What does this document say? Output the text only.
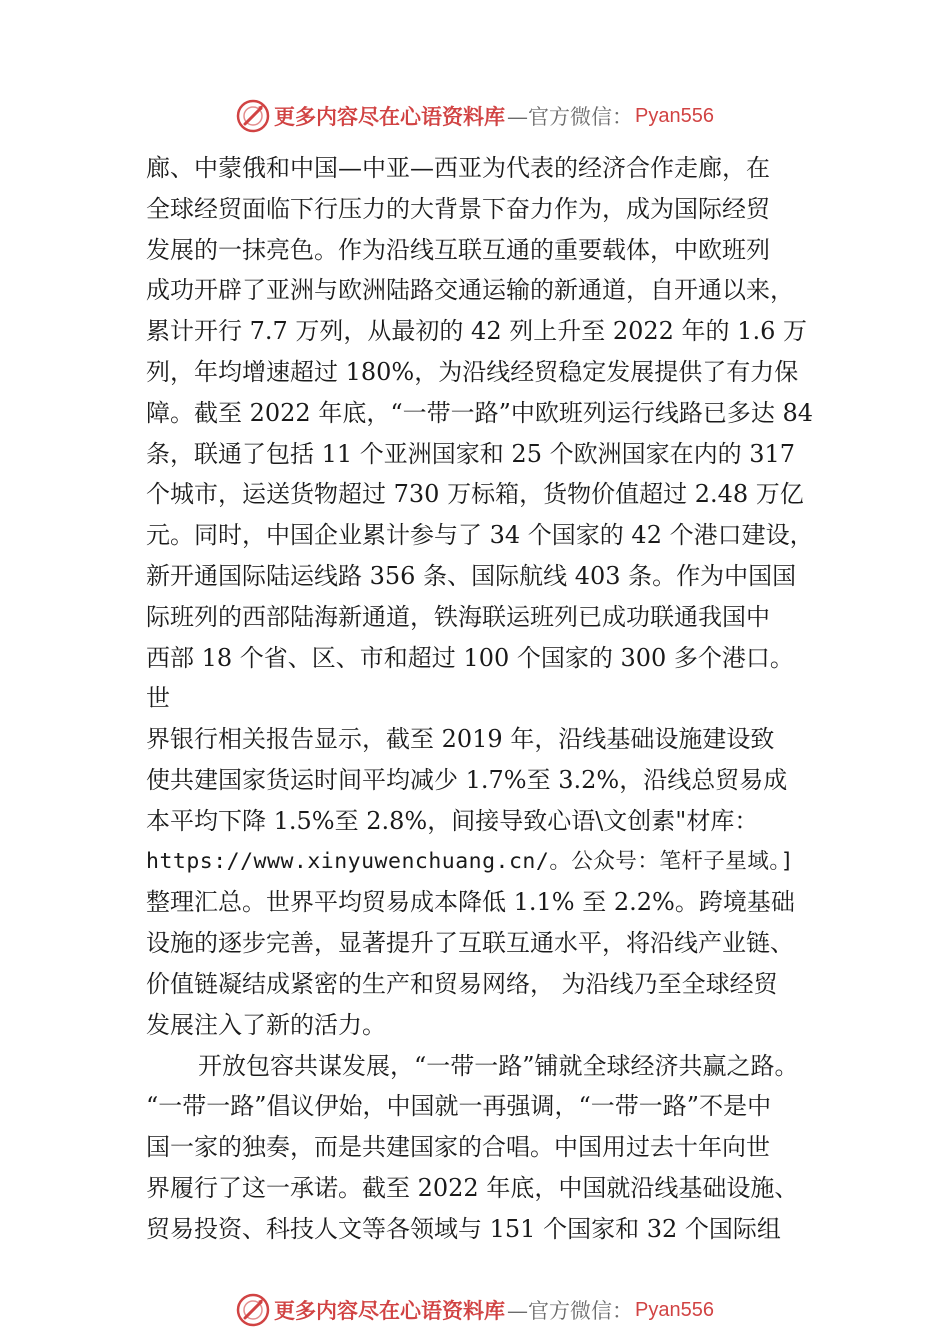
更多内容尽在心语资料库 —官方微信： Pyan556
廊、中蒙俄和中国—中亚—西亚为代表的经济合作走廊，在
全球经贸面临下行压力的大背景下奋力作为，成为国际经贸
发展的一抹亮色。作为沿线互联互通的重要载体，中欧班列
成功开辟了亚洲与欧洲陆路交通运输的新通道，自开通以来，
累计开行 7.7 万列，从最初的 42 列上升至 2022 年的 1.6 万
列，年均增速超过 180%，为沿线经贸稳定发展提供了有力保
障。截至 2022 年底，“一带一路”中欧班列运行线路已多达 84
条，联通了包括 11 个亚洲国家和 25 个欧洲国家在内的 317
个城市，运送货物超过 730 万标箱，货物价值超过 2.48 万亿
元。同时，中国企业累计参与了 34 个国家的 42 个港口建设，
新开通国际陆运线路 356 条、国际航线 403 条。作为中国国
际班列的西部陆海新通道，铁海联运班列已成功联通我国中
西部 18 个省、区、市和超过 100 个国家的 300 多个港口。
世
界银行相关报告显示，截至 2019 年，沿线基础设施建设致
使共建国家货运时间平均减少 1.7%至 3.2%，沿线总贸易成
本平均下降 1.5%至 2.8%，间接导致心语\文创素"材库：
https://www.xinyuwenchuang.cn/。公众号：笔杆子星域。]
整理汇总。世界平均贸易成本降低 1.1% 至 2.2%。跨境基础
设施的逐步完善，显著提升了互联互通水平，将沿线产业链、
价值链凝结成紧密的生产和贸易网络， 为沿线乃至全球经贸
发展注入了新的活力。
开放包容共谋发展，“一带一路”铺就全球经济共赢之路。
“一带一路”倡议伊始，中国就一再强调，“一带一路”不是中
国一家的独奏，而是共建国家的合唱。中国用过去十年向世
界履行了这一承诺。截至 2022 年底，中国就沿线基础设施、
贸易投资、科技人文等各领域与 151 个国家和 32 个国际组
更多内容尽在心语资料库 —官方微信： Pyan556
